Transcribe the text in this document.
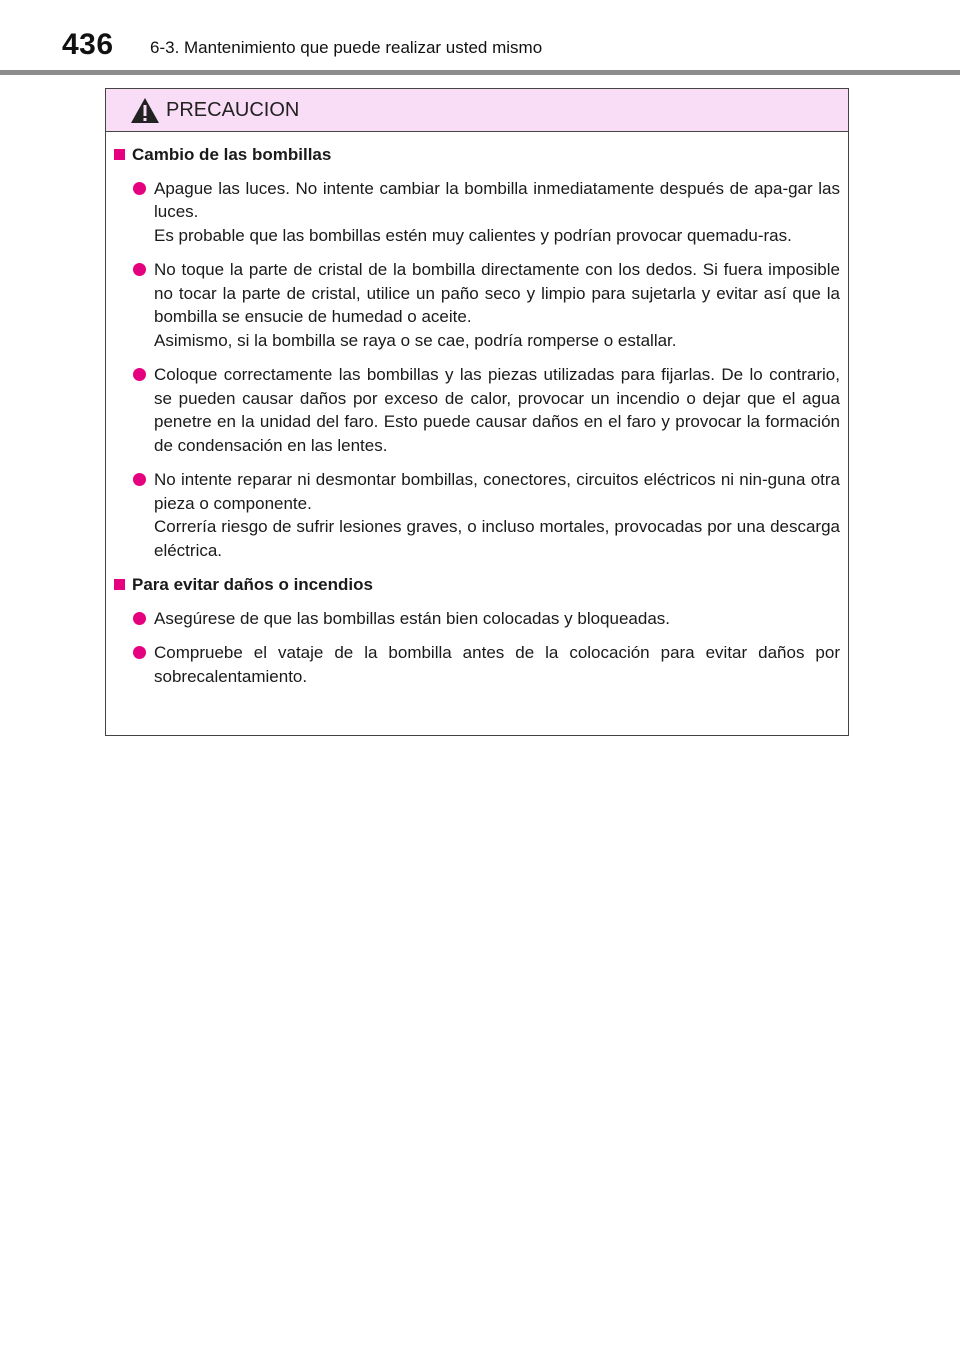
436 6-3. Mantenimiento que puede realizar usted mismo
PRECAUCION
Cambio de las bombillas

Apague las luces. No intente cambiar la bombilla inmediatamente después de apa-gar las luces.

Es probable que las bombillas estén muy calientes y podrían provocar quemadu-ras.

No toque la parte de cristal de la bombilla directamente con los dedos. Si fuera imposible no tocar la parte de cristal, utilice un paño seco y limpio para sujetarla y evitar así que la bombilla se ensucie de humedad o aceite.

Asimismo, si la bombilla se raya o se cae, podría romperse o estallar.

Coloque correctamente las bombillas y las piezas utilizadas para fijarlas. De lo contrario, se pueden causar daños por exceso de calor, provocar un incendio o dejar que el agua penetre en la unidad del faro. Esto puede causar daños en el faro y provocar la formación de condensación en las lentes.

No intente reparar ni desmontar bombillas, conectores, circuitos eléctricos ni nin-guna otra pieza o componente.

Correría riesgo de sufrir lesiones graves, o incluso mortales, provocadas por una descarga eléctrica.

Para evitar daños o incendios

Asegúrese de que las bombillas están bien colocadas y bloqueadas.

Compruebe el vataje de la bombilla antes de la colocación para evitar daños por sobrecalentamiento.
